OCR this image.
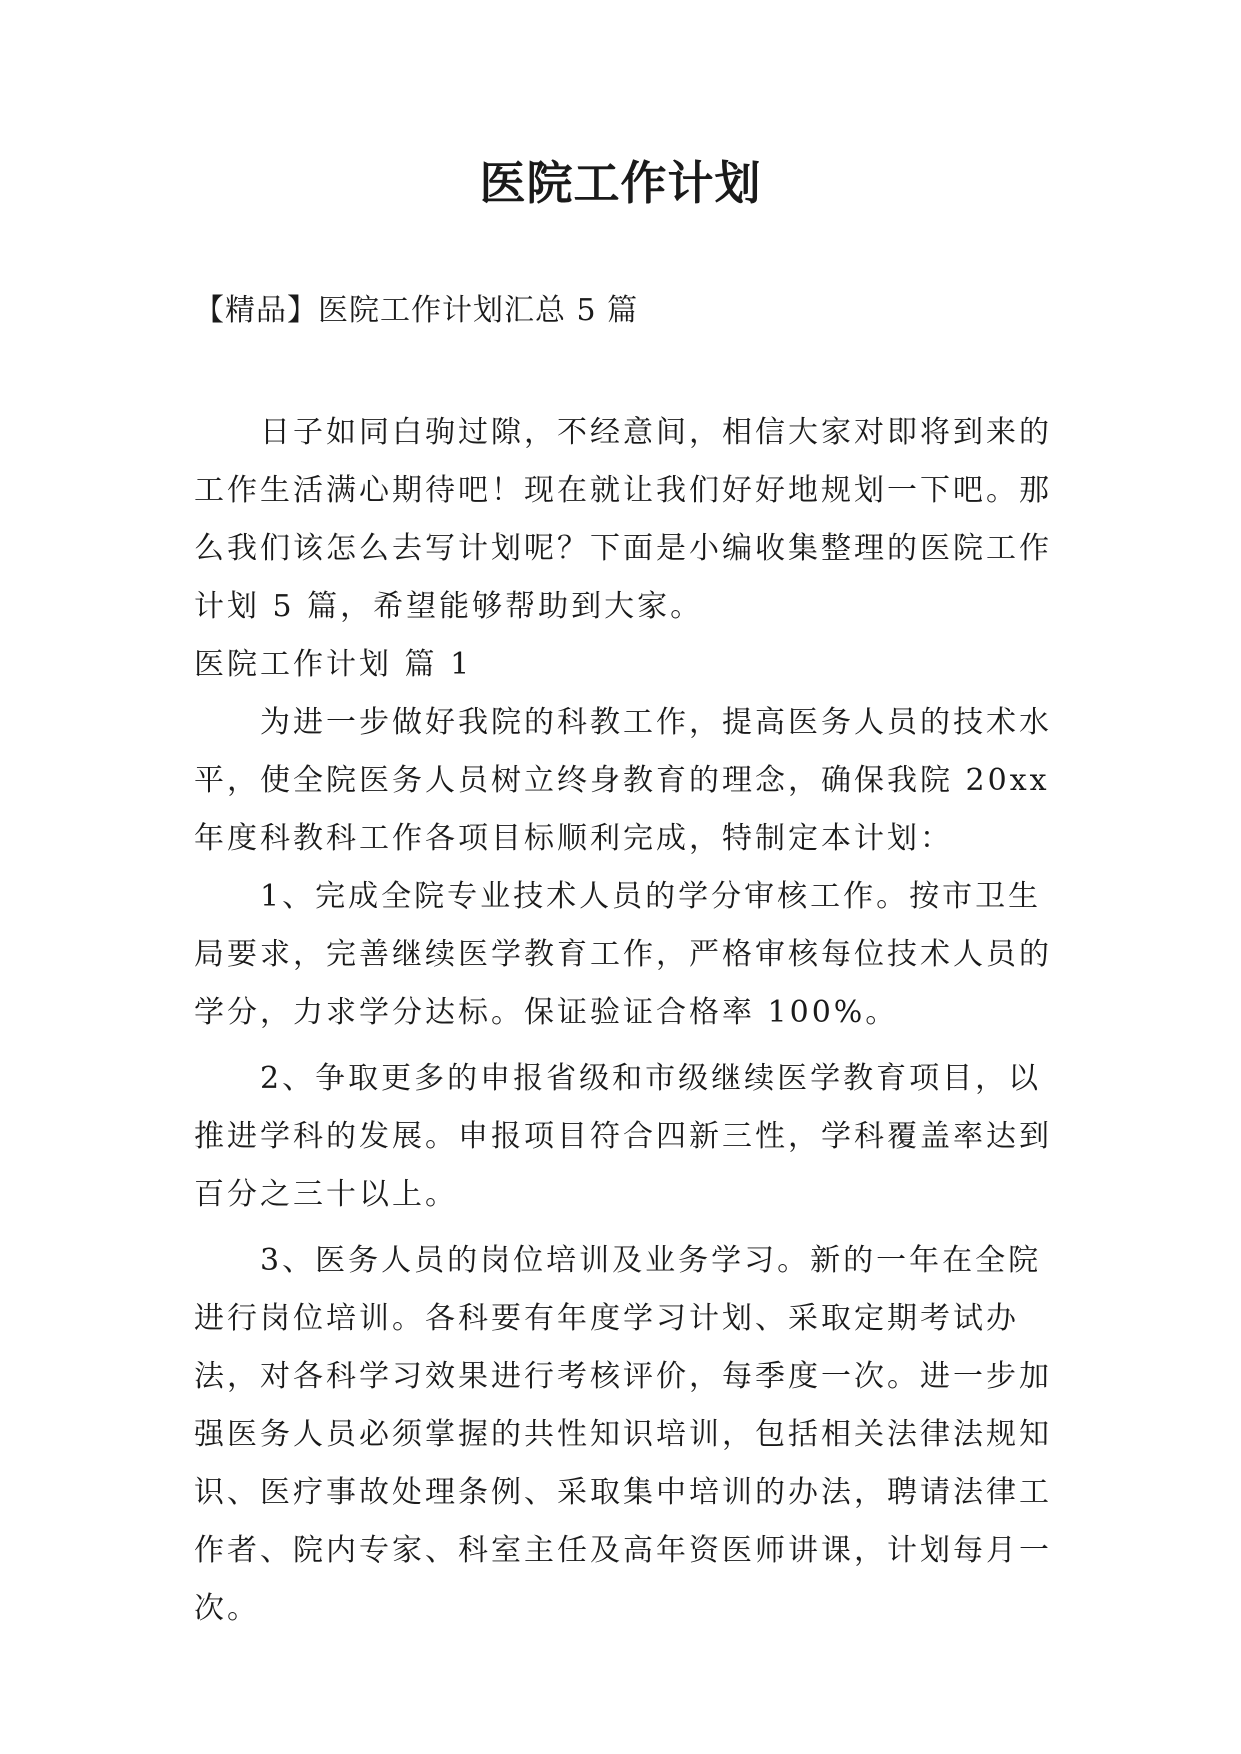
医院工作计划
【精品】医院工作计划汇总 5 篇

日子如同白驹过隙，不经意间，相信大家对即将到来的工作生活满心期待吧！现在就让我们好好地规划一下吧。那么我们该怎么去写计划呢？下面是小编收集整理的医院工作计划 5 篇，希望能够帮助到大家。

医院工作计划 篇 1

为进一步做好我院的科教工作，提高医务人员的技术水平，使全院医务人员树立终身教育的理念，确保我院 20xx 年度科教科工作各项目标顺利完成，特制定本计划：

1、完成全院专业技术人员的学分审核工作。按市卫生局要求，完善继续医学教育工作，严格审核每位技术人员的学分，力求学分达标。保证验证合格率 100%。

2、争取更多的申报省级和市级继续医学教育项目，以推进学科的发展。申报项目符合四新三性，学科覆盖率达到百分之三十以上。

3、医务人员的岗位培训及业务学习。新的一年在全院进行岗位培训。各科要有年度学习计划、采取定期考试办法，对各科学习效果进行考核评价，每季度一次。进一步加强医务人员必须掌握的共性知识培训，包括相关法律法规知识、医疗事故处理条例、采取集中培训的办法，聘请法律工作者、院内专家、科室主任及高年资医师讲课，计划每月一次。
